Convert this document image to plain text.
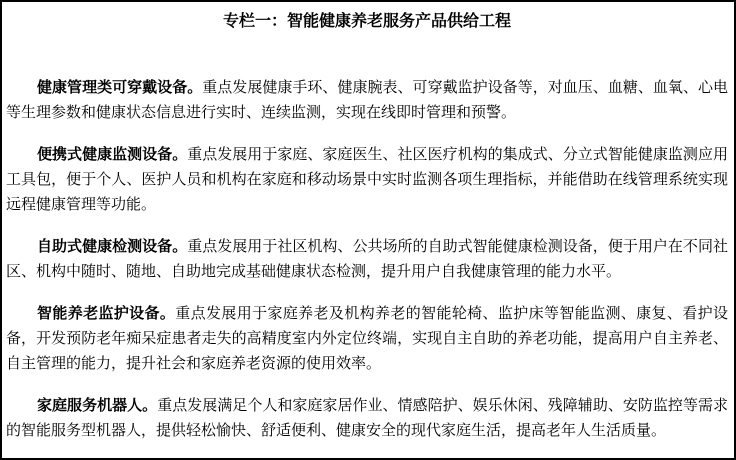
专栏一：智能健康养老服务产品供给工程

健康管理类可穿戴设备。重点发展健康手环、健康腕表、可穿戴监护设备等，对血压、血糖、血氧、心电等生理参数和健康状态信息进行实时、连续监测，实现在线即时管理和预警。

便携式健康监测设备。重点发展用于家庭、家庭医生、社区医疗机构的集成式、分立式智能健康监测应用工具包，便于个人、医护人员和机构在家庭和移动场景中实时监测各项生理指标，并能借助在线管理系统实现远程健康管理等功能。

自助式健康检测设备。重点发展用于社区机构、公共场所的自助式智能健康检测设备，便于用户在不同社区、机构中随时、随地、自助地完成基础健康状态检测，提升用户自我健康管理的能力水平。

智能养老监护设备。重点发展用于家庭养老及机构养老的智能轮椅、监护床等智能监测、康复、看护设备，开发预防老年痴呆症患者走失的高精度室内外定位终端，实现自主自助的养老功能，提高用户自主养老、自主管理的能力，提升社会和家庭养老资源的使用效率。

家庭服务机器人。重点发展满足个人和家庭家居作业、情感陪护、娱乐休闲、残障辅助、安防监控等需求的智能服务型机器人，提供轻松愉快、舒适便利、健康安全的现代家庭生活，提高老年人生活质量。
